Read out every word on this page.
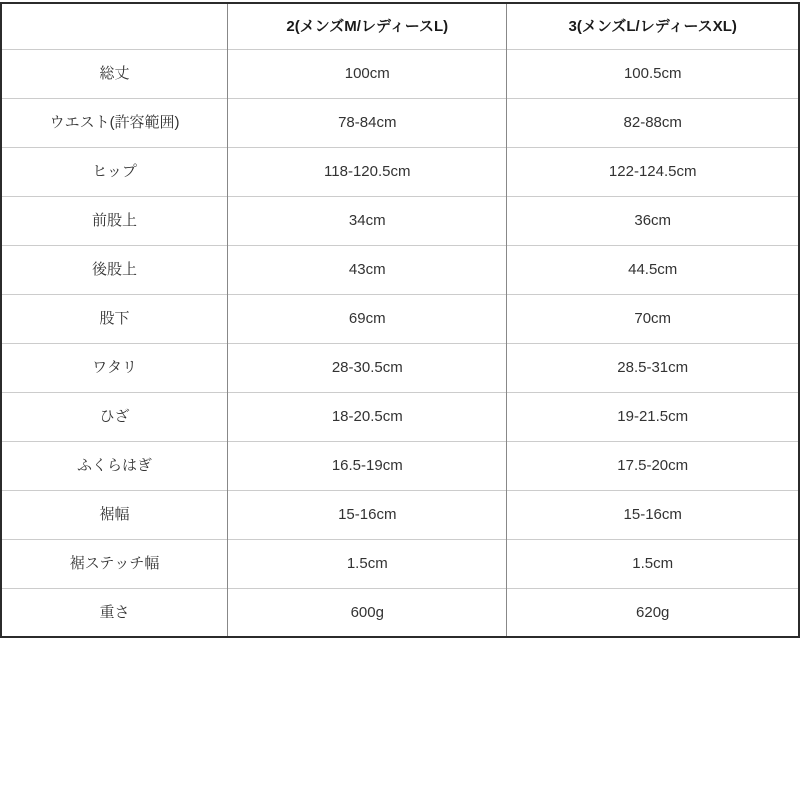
	2(メンズM/レディースL)	3(メンズL/レディースXL)
総丈	100cm	100.5cm
ウエスト(許容範囲)	78-84cm	82-88cm
ヒップ	118-120.5cm	122-124.5cm
前股上	34cm	36cm
後股上	43cm	44.5cm
股下	69cm	70cm
ワタリ	28-30.5cm	28.5-31cm
ひざ	18-20.5cm	19-21.5cm
ふくらはぎ	16.5-19cm	17.5-20cm
裾幅	15-16cm	15-16cm
裾ステッチ幅	1.5cm	1.5cm
重さ	600g	620g
